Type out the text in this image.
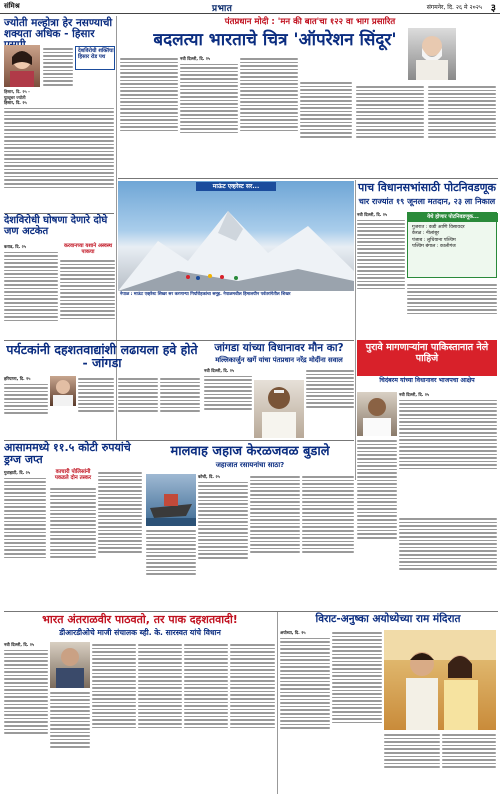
संमिश्र	प्रभात	संगमनेर, दि. २६ मे २०२५ ३
ज्योती मल्होत्रा हेर नसण्याची शक्यता अधिक - हिसार
हिसार, दि. २५ - युट्यूबर ज्योती
देशविरोधी शक्तिंचा हिसार रोड पथ
हिसार, दि. २५
देशविरोधी घोषणा देणारे दोघे जण अटकेत
करवानच्या यशाने अस्वस्थ पाकचा
कराड, दि. २५
पंतप्रधान मोदी : 'मन की बात'चा १२२ वा भाग प्रसारित
बदलत्या भारताचे चित्र 'ऑपरेशन सिंदूर'
नवी दिल्ली, दि. २५
माऊंट एव्हरेस्ट सर...
नेपाळ : माऊंट एव्हरेस्ट शिखर सर करणाऱ्या गिर्यारोहकांचा समूह. नेपाळमधील हिमालयीन पर्वतरांगेतील शिखर
पाच विधानसभांसाठी पोटनिवडणूक
चार राज्यांत १९ जूनला मतदान, २३ ला निकाल
नवी दिल्ली, दि. २५	येथे होणार पोटनिवडणूक...
गुजरात : कडी आणि विसावदर
केरळ : नीलांबूर
पंजाब : लुधियाना पश्चिम
पश्चिम बंगाल : कालीगंज
पर्यटकांनी दहशतवाद्यांशी लढायला हवे होते - जांगडा
हरियाणा, दि. २५
जांगडा यांच्या विधानावर मौन का?
मल्लिकार्जुन खर्गे यांचा पंतप्रधान नरेंद्र मोदींना सवाल
नवी दिल्ली, दि. २५
पुरावे मागणाऱ्यांना पाकिस्तानात नेले पाहिजे
चिदंबरम यांच्या विधानावर भाजपचा आक्षेप
नवी दिल्ली, दि. २५
आसाममध्ये ११.५ कोटी रुपयांचे ड्रग्ज जप्त
गुवाहाटी, दि. २५	काचारी पोलिसांनी पकडले दोन तस्कर
मालवाह जहाज केरळजवळ बुडाले
जहाजात रसायनांचा साठा?
कोची, दि. २५
भारत अंतराळवीर पाठवतो, तर पाक दहशतवादी!
डीआरडीओचे माजी संचालक ब्ही. के. सारस्वत यांचे विधान
नवी दिल्ली, दि. २५
विराट-अनुष्का अयोध्येच्या राम मंदिरात
अयोध्या, दि. २५
